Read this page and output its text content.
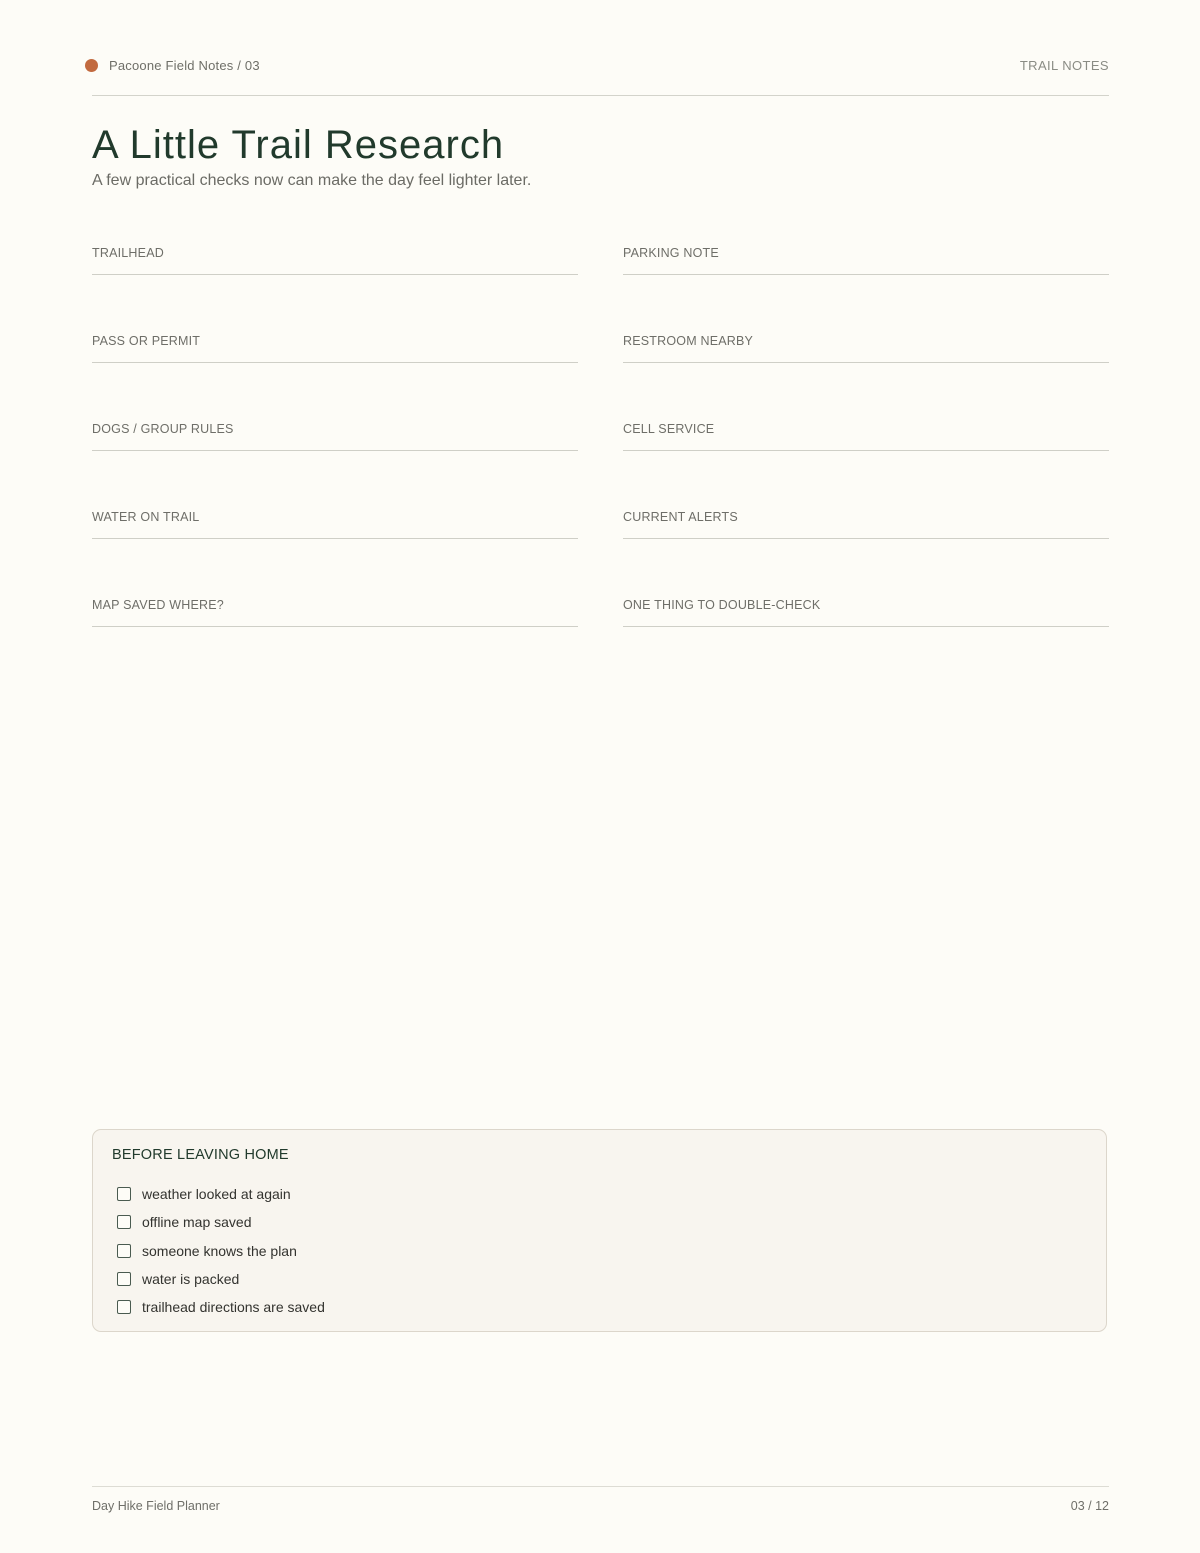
Pacoone Field Notes / 03	TRAIL NOTES
A Little Trail Research

A few practical checks now can make the day feel lighter later.

TRAILHEAD	PARKING NOTE
PASS OR PERMIT	RESTROOM NEARBY
DOGS / GROUP RULES	CELL SERVICE
WATER ON TRAIL	CURRENT ALERTS
MAP SAVED WHERE?	ONE THING TO DOUBLE-CHECK
BEFORE LEAVING HOME
weather looked at again
offline map saved
someone knows the plan
water is packed
trailhead directions are saved
Day Hike Field Planner	03 / 12
